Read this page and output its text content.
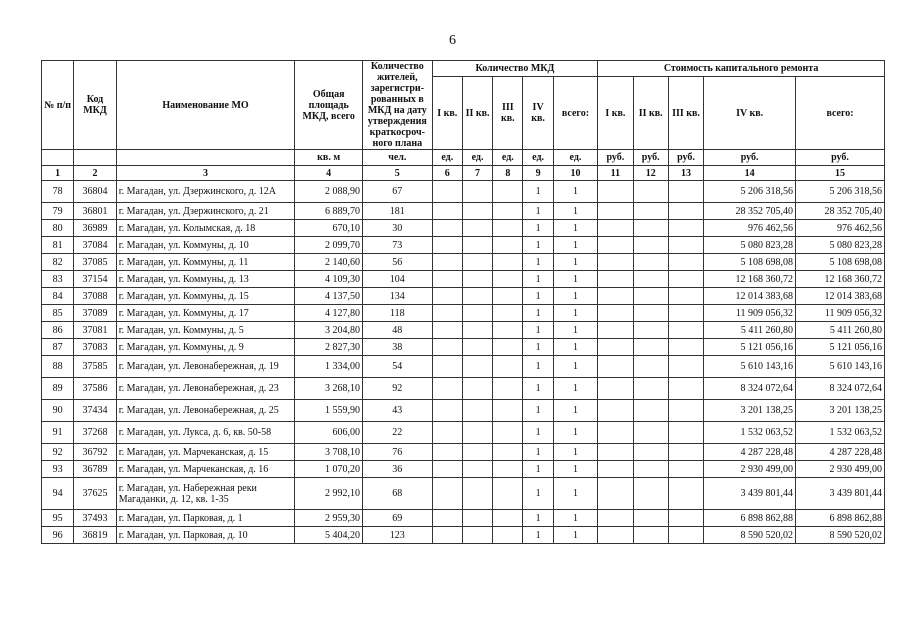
6
№ п/п	Код МКД	Наименование МО	Общая площадь МКД, всего	Количество жителей, зарегистри-рованных в МКД на дату утверждения краткосроч-ного плана	Количество МКД					Стоимость капитального ремонта				
					I кв.	II кв.	III кв.	IV кв.	всего:	I кв.	II кв.	III кв.	IV кв.	всего:
			кв. м	чел.	ед.	ед.	ед.	ед.	ед.	руб.	руб.	руб.	руб.	руб.
1	2	3	4	5	6	7	8	9	10	11	12	13	14	15
78	36804	г. Магадан, ул. Дзержинского, д. 12А	2 088,90	67				1	1				5 206 318,56	5 206 318,56
79	36801	г. Магадан, ул. Дзержинского, д. 21	6 889,70	181				1	1				28 352 705,40	28 352 705,40
80	36989	г. Магадан, ул. Колымская, д. 18	670,10	30				1	1				976 462,56	976 462,56
81	37084	г. Магадан, ул. Коммуны, д. 10	2 099,70	73				1	1				5 080 823,28	5 080 823,28
82	37085	г. Магадан, ул. Коммуны, д. 11	2 140,60	56				1	1				5 108 698,08	5 108 698,08
83	37154	г. Магадан, ул. Коммуны, д. 13	4 109,30	104				1	1				12 168 360,72	12 168 360,72
84	37088	г. Магадан, ул. Коммуны, д. 15	4 137,50	134				1	1				12 014 383,68	12 014 383,68
85	37089	г. Магадан, ул. Коммуны, д. 17	4 127,80	118				1	1				11 909 056,32	11 909 056,32
86	37081	г. Магадан, ул. Коммуны, д. 5	3 204,80	48				1	1				5 411 260,80	5 411 260,80
87	37083	г. Магадан, ул. Коммуны, д. 9	2 827,30	38				1	1				5 121 056,16	5 121 056,16
88	37585	г. Магадан, ул. Левонабережная, д. 19	1 334,00	54				1	1				5 610 143,16	5 610 143,16
89	37586	г. Магадан, ул. Левонабережная, д. 23	3 268,10	92				1	1				8 324 072,64	8 324 072,64
90	37434	г. Магадан, ул. Левонабережная, д. 25	1 559,90	43				1	1				3 201 138,25	3 201 138,25
91	37268	г. Магадан, ул. Лукса, д. 6, кв. 50-58	606,00	22				1	1				1 532 063,52	1 532 063,52
92	36792	г. Магадан, ул. Марчеканская, д. 15	3 708,10	76				1	1				4 287 228,48	4 287 228,48
93	36789	г. Магадан, ул. Марчеканская, д. 16	1 070,20	36				1	1				2 930 499,00	2 930 499,00
94	37625	г. Магадан, ул. Набережная реки Магаданки, д. 12, кв. 1-35	2 992,10	68				1	1				3 439 801,44	3 439 801,44
95	37493	г. Магадан, ул. Парковая, д. 1	2 959,30	69				1	1				6 898 862,88	6 898 862,88
96	36819	г. Магадан, ул. Парковая, д. 10	5 404,20	123				1	1				8 590 520,02	8 590 520,02
